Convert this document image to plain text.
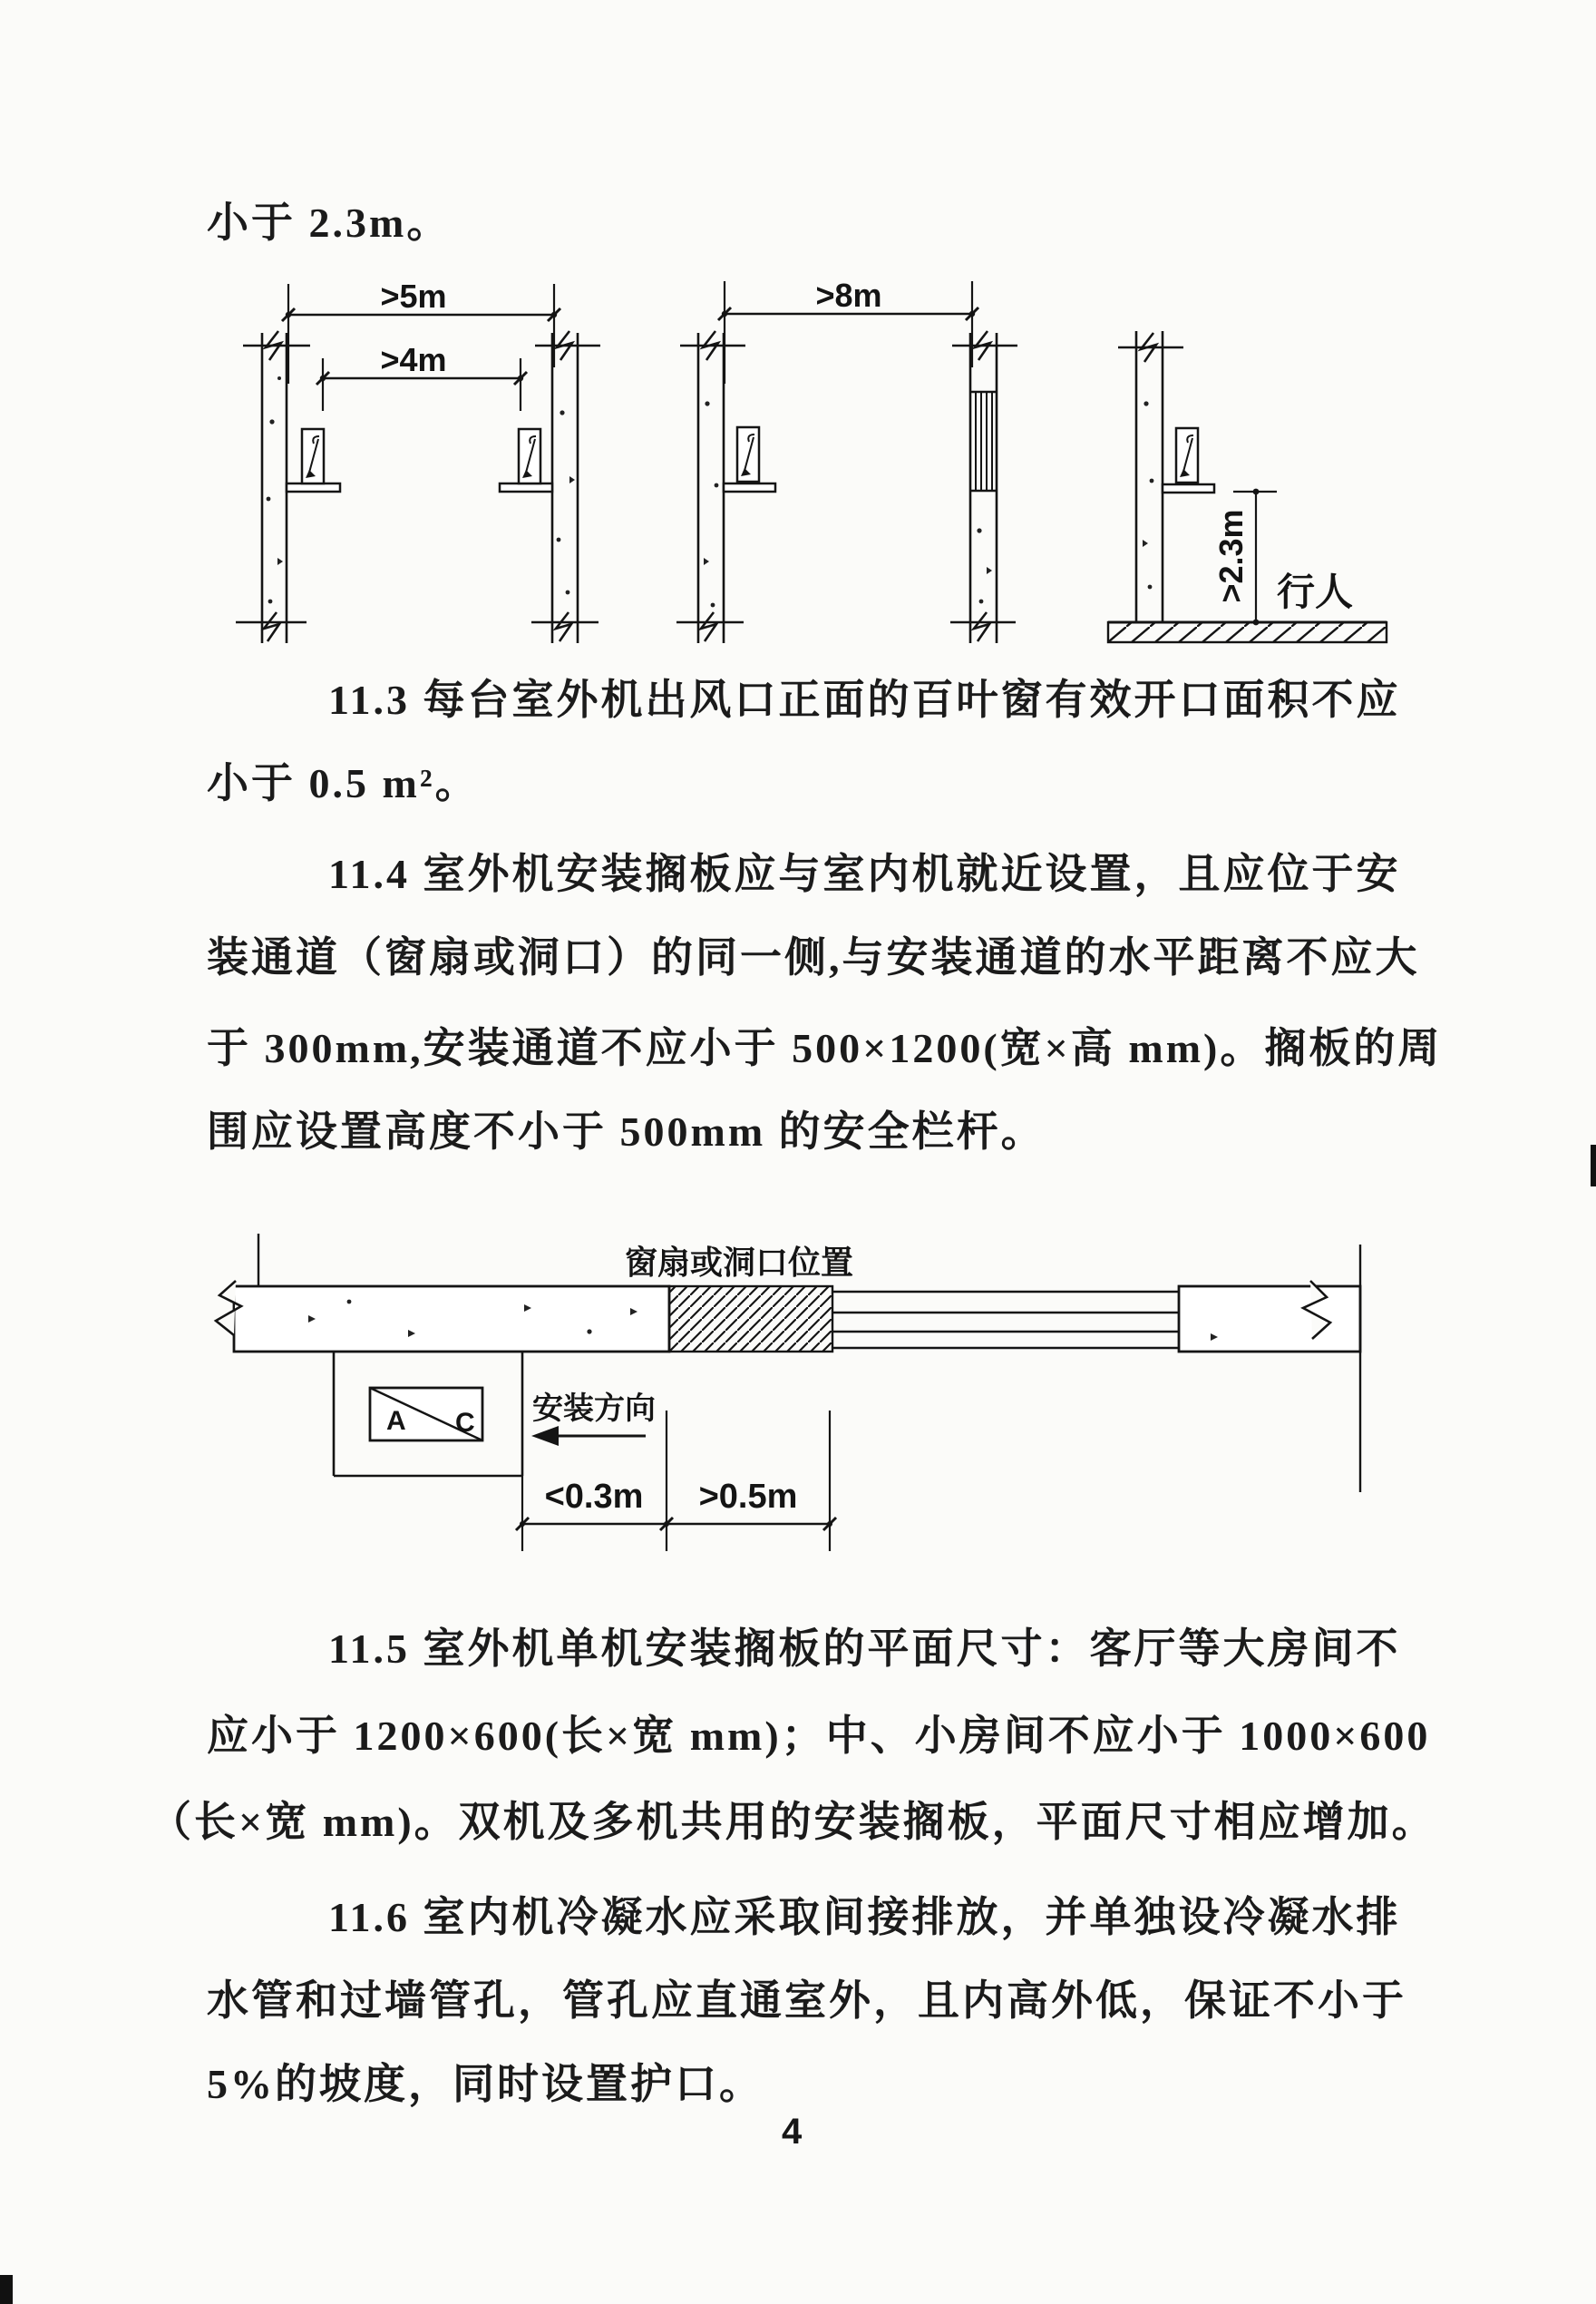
小于 2.3m。
>5m
>4m
>8m
>2.3m 行人
11.3 每台室外机出风口正面的百叶窗有效开口面积不应
小于 0.5 m²。
11.4 室外机安装搁板应与室内机就近设置，且应位于安
装通道（窗扇或洞口）的同一侧,与安装通道的水平距离不应大
于 300mm,安装通道不应小于 500×1200(宽×高 mm)。搁板的周
围应设置高度不小于 500mm 的安全栏杆。
窗扇或洞口位置
A C 安装方向
<0.3m >0.5m
11.5 室外机单机安装搁板的平面尺寸：客厅等大房间不
应小于 1200×600(长×宽 mm)；中、小房间不应小于 1000×600
（长×宽 mm)。双机及多机共用的安装搁板，平面尺寸相应增加。
11.6 室内机冷凝水应采取间接排放，并单独设冷凝水排
水管和过墙管孔，管孔应直通室外，且内高外低，保证不小于
5%的坡度，同时设置护口。
4
